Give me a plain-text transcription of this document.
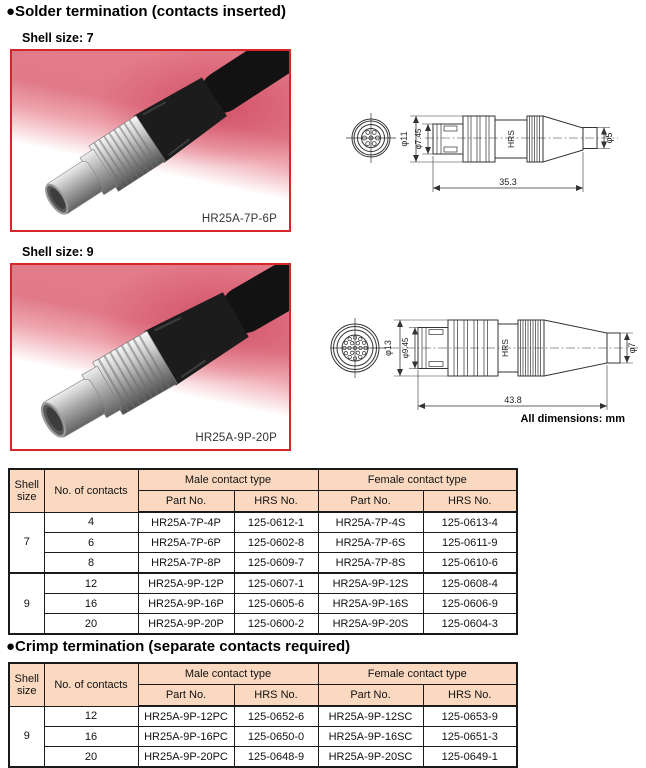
●Solder termination (contacts inserted)
Shell size: 7
HR25A-7P-6P
φ11 φ7.45	φ5
35.3
HRS
Shell size: 9
HR25A-9P-20P
φ13 φ9.45	φ7
43.8
HRS
All dimensions: mm
Shell size	No. of contacts	Male contact type		Female contact type	
		Part No.	HRS No.	Part No.	HRS No.
7	4	HR25A-7P-4P	125-0612-1	HR25A-7P-4S	125-0613-4
	6	HR25A-7P-6P	125-0602-8	HR25A-7P-6S	125-0611-9
	8	HR25A-7P-8P	125-0609-7	HR25A-7P-8S	125-0610-6
9	12	HR25A-9P-12P	125-0607-1	HR25A-9P-12S	125-0608-4
	16	HR25A-9P-16P	125-0605-6	HR25A-9P-16S	125-0606-9
	20	HR25A-9P-20P	125-0600-2	HR25A-9P-20S	125-0604-3
●Crimp termination (separate contacts required)
Shell size	No. of contacts	Male contact type		Female contact type	
		Part No.	HRS No.	Part No.	HRS No.
9	12	HR25A-9P-12PC	125-0652-6	HR25A-9P-12SC	125-0653-9
	16	HR25A-9P-16PC	125-0650-0	HR25A-9P-16SC	125-0651-3
	20	HR25A-9P-20PC	125-0648-9	HR25A-9P-20SC	125-0649-1
